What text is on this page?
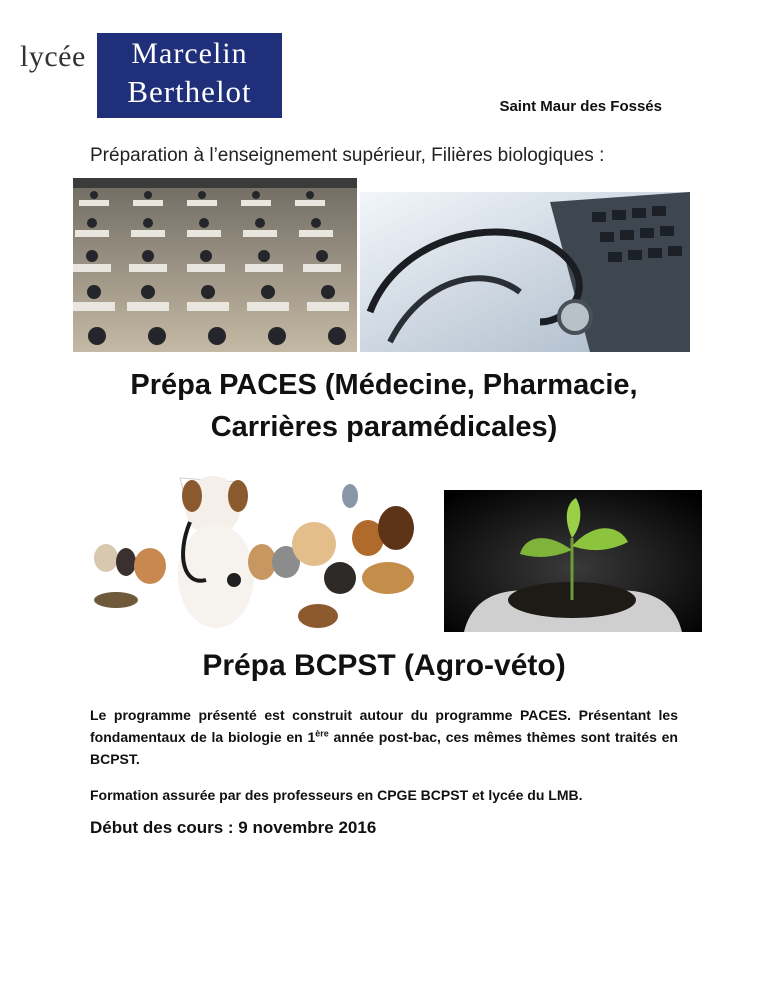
lycée	Marcelin
Berthelot	Saint Maur des Fossés
Préparation à l’enseignement supérieur, Filières biologiques :
Prépa PACES (Médecine, Pharmacie,
Carrières paramédicales)
Prépa BCPST (Agro-véto)
Le programme présenté est construit autour du programme PACES. Présentant les fondamentaux de la biologie en 1ère année post-bac, ces mêmes thèmes sont traités en BCPST.
Formation assurée par des professeurs en CPGE BCPST et lycée du LMB.
Début des cours : 9 novembre 2016
